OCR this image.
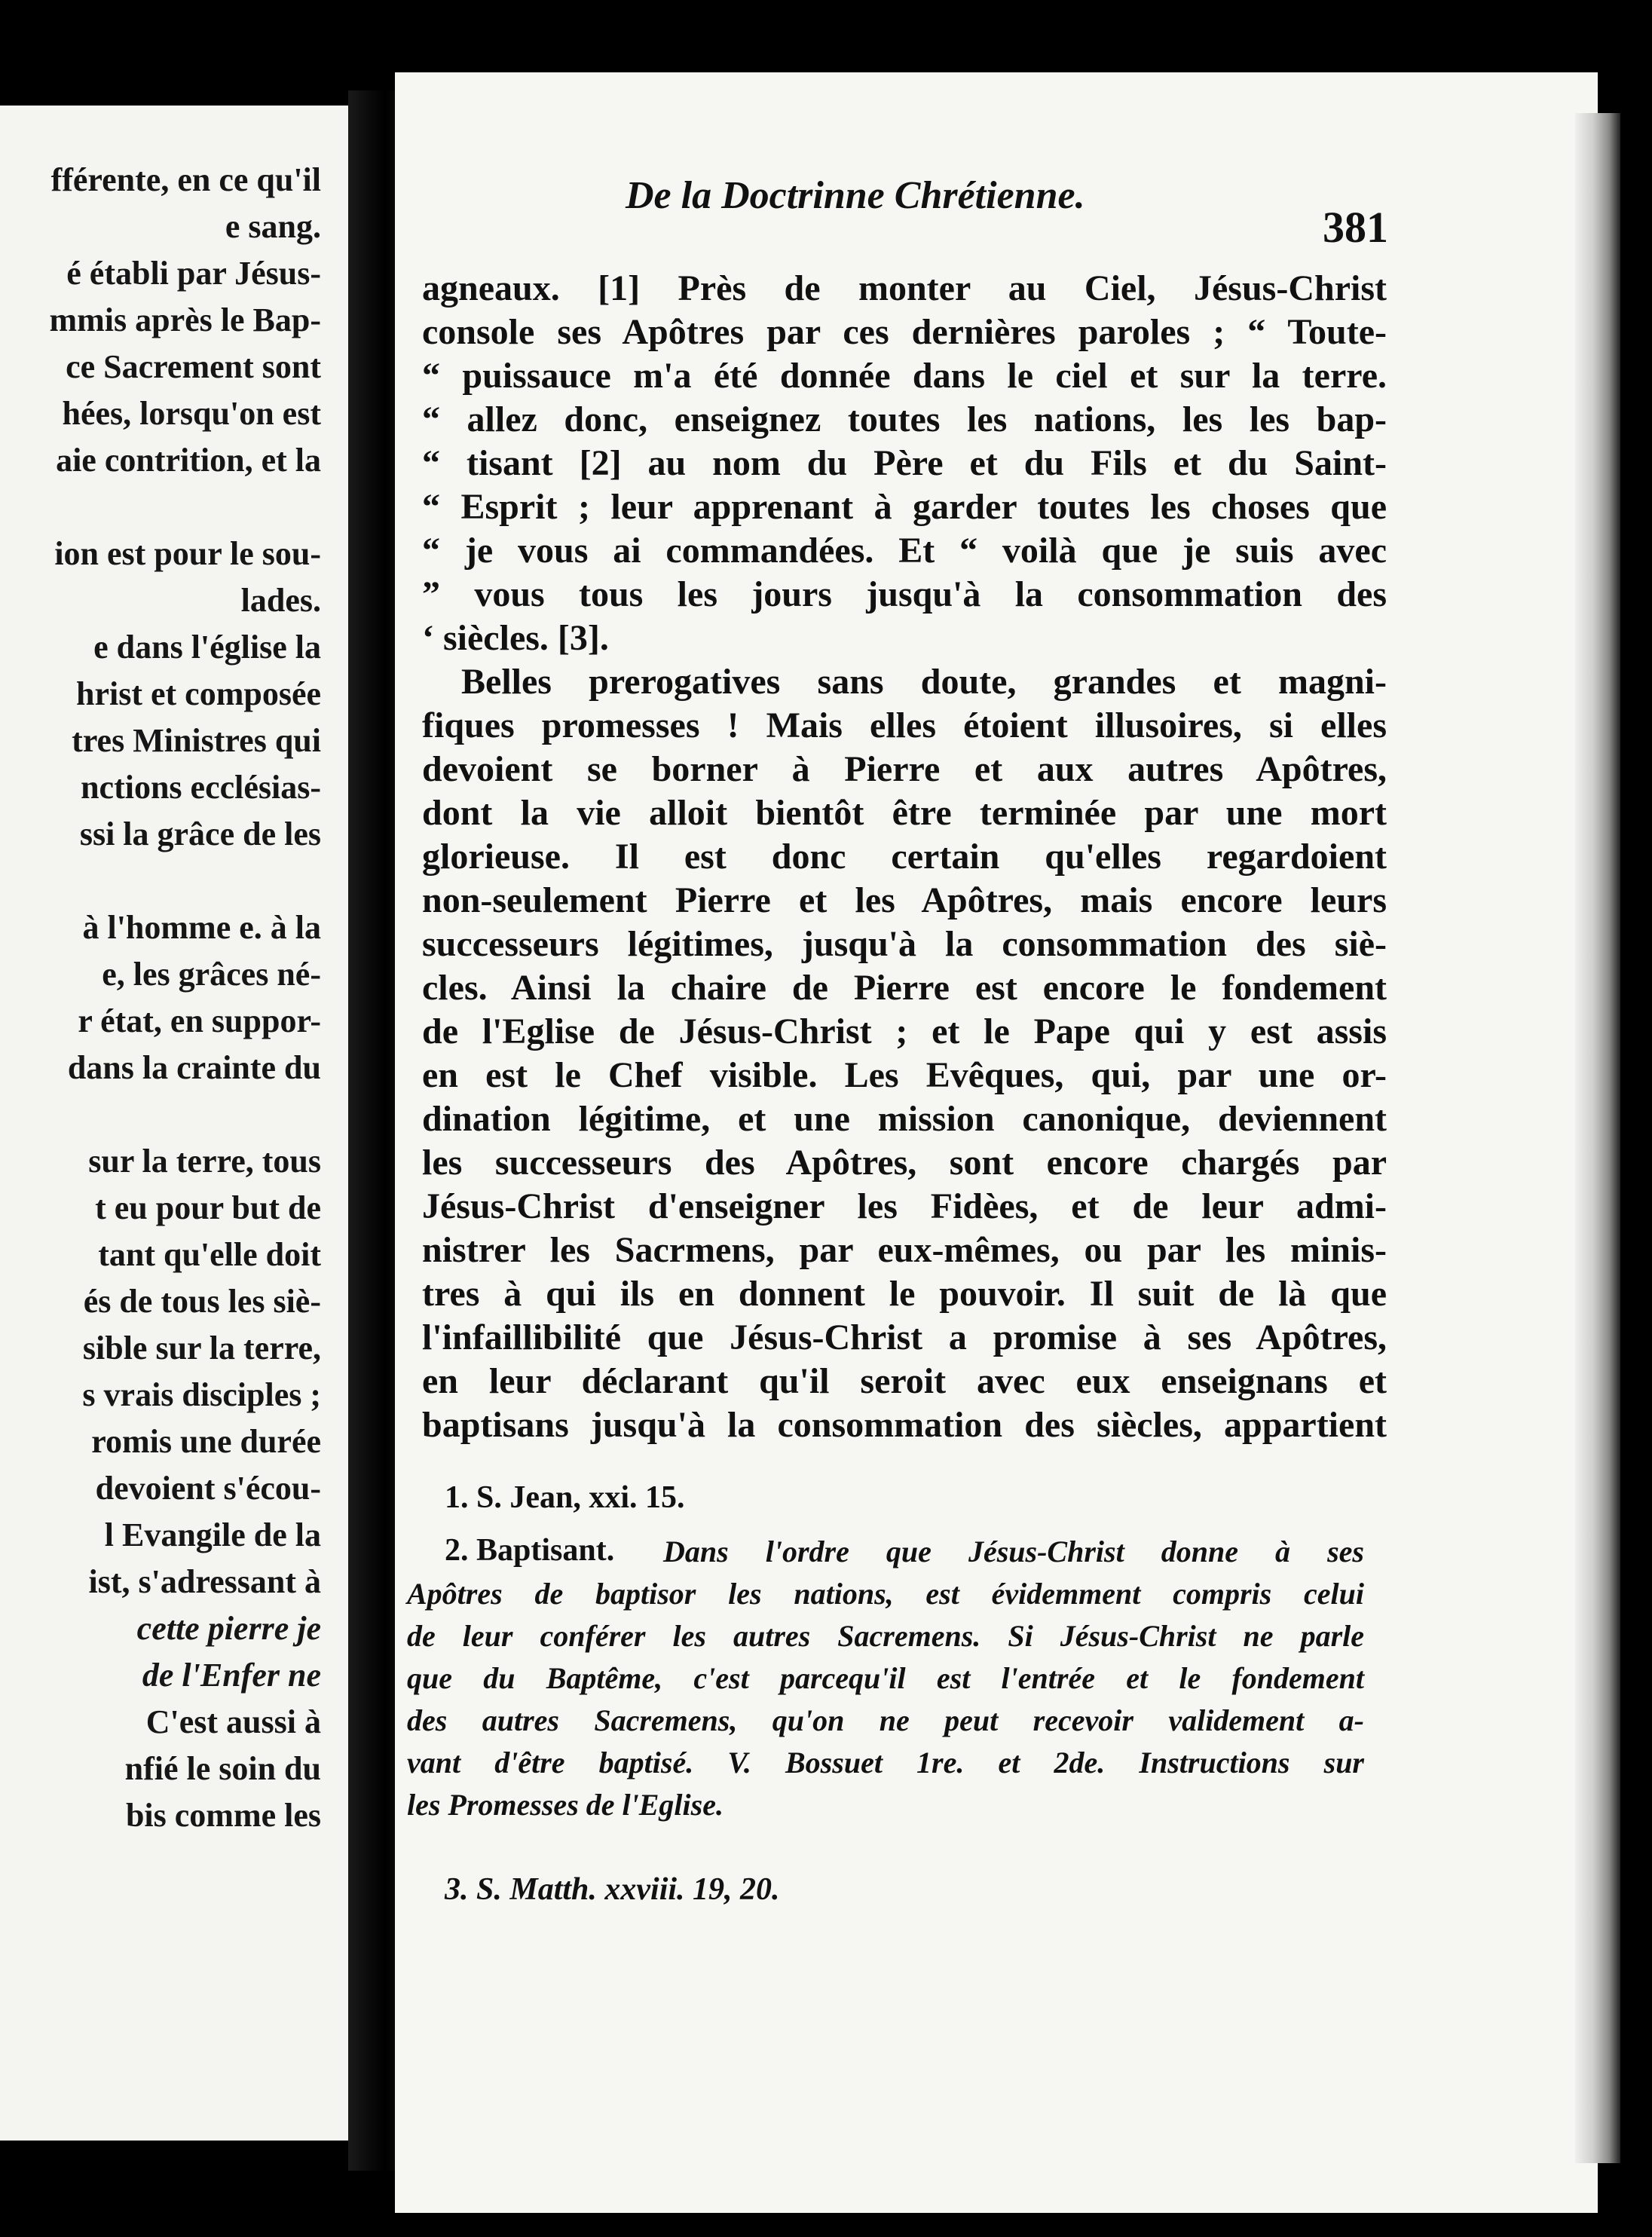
fférente, en ce qu'il
e sang.
é établi par Jésus-
mmis après le Bap-
ce Sacrement sont
hées, lorsqu'on est
aie contrition, et la
ion est pour le sou-
lades.
e dans l'église la
hrist et composée
tres Ministres qui
nctions ecclésias-
ssi la grâce de les
à l'homme e. à la
e, les grâces né-
r état, en suppor-
dans la crainte du
sur la terre, tous
t eu pour but de
tant qu'elle doit
és de tous les siè-
sible sur la terre,
s vrais disciples ;
romis une durée
devoient s'écou-
l Evangile de la
ist, s'adressant à
cette pierre je
de l'Enfer ne
C'est aussi à
nfié le soin du
bis comme les
De la Doctrinne Chrétienne.
381
agneaux. [1] Près de monter au Ciel, Jésus-Christ
console ses Apôtres par ces dernières paroles ; “ Toute-
“ puissauce m'a été donnée dans le ciel et sur la terre.
“ allez donc, enseignez toutes les nations, les les bap-
“ tisant [2] au nom du Père et du Fils et du Saint-
“ Esprit ; leur apprenant à garder toutes les choses que
“ je vous ai commandées. Et “ voilà que je suis avec
” vous tous les jours jusqu'à la consommation des
‘ siècles. [3].
Belles prerogatives sans doute, grandes et magni-
fiques promesses ! Mais elles étoient illusoires, si elles
devoient se borner à Pierre et aux autres Apôtres,
dont la vie alloit bientôt être terminée par une mort
glorieuse. Il est donc certain qu'elles regardoient
non-seulement Pierre et les Apôtres, mais encore leurs
successeurs légitimes, jusqu'à la consommation des siè-
cles. Ainsi la chaire de Pierre est encore le fondement
de l'Eglise de Jésus-Christ ; et le Pape qui y est assis
en est le Chef visible. Les Evêques, qui, par une or-
dination légitime, et une mission canonique, deviennent
les successeurs des Apôtres, sont encore chargés par
Jésus-Christ d'enseigner les Fidèes, et de leur admi-
nistrer les Sacrmens, par eux-mêmes, ou par les minis-
tres à qui ils en donnent le pouvoir. Il suit de là que
l'infaillibilité que Jésus-Christ a promise à ses Apôtres,
en leur déclarant qu'il seroit avec eux enseignans et
baptisans jusqu'à la consommation des siècles, appartient
1. S. Jean, xxi. 15.
2. Baptisant. Dans l'ordre que Jésus-Christ donne à ses
Apôtres de baptisor les nations, est évidemment compris celui
de leur conférer les autres Sacremens. Si Jésus-Christ ne parle
que du Baptême, c'est parcequ'il est l'entrée et le fondement
des autres Sacremens, qu'on ne peut recevoir validement a-
vant d'être baptisé. V. Bossuet 1re. et 2de. Instructions sur
les Promesses de l'Eglise.
3. S. Matth. xxviii. 19, 20.
